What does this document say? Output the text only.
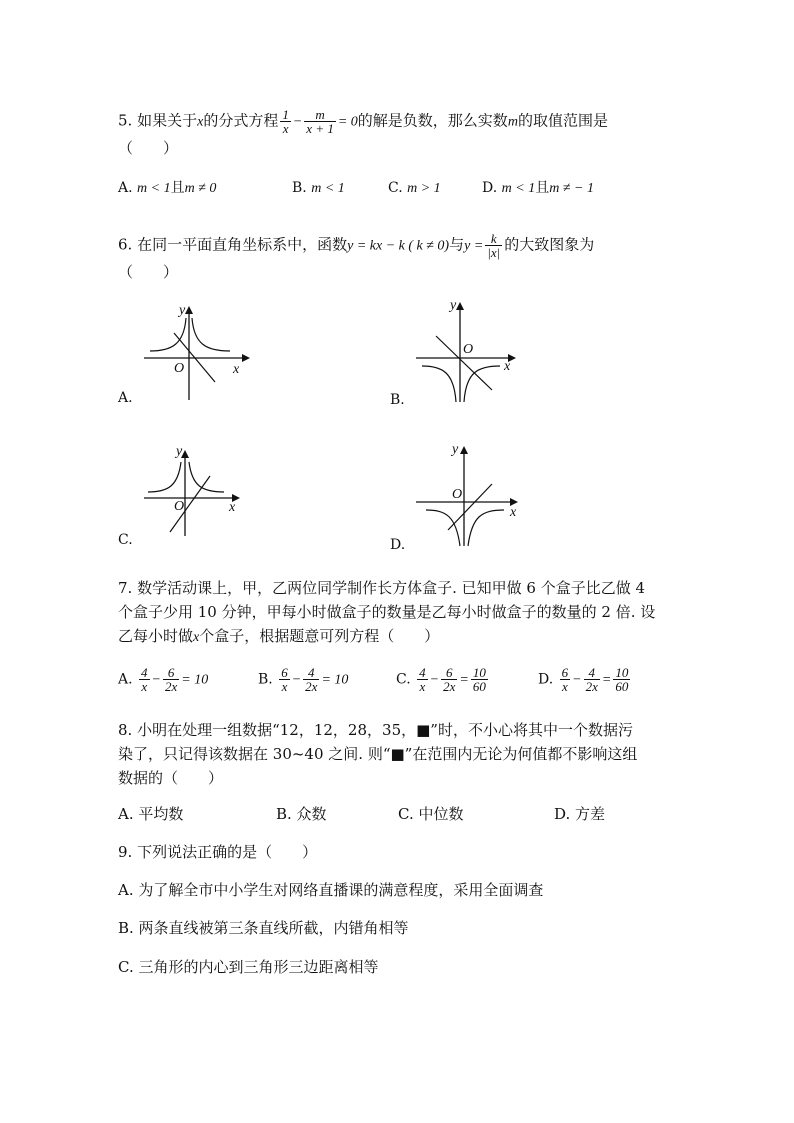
5. 如果关于x的分式方程 $\frac{1}{x} - \frac{m}{x + 1} = 0$的解是负数，那么实数m的取值范围是
（　　）
A. m < 1且m ≠ 0	B. m < 1	C. m > 1	D. m < 1且m ≠ − 1
6. 在同一平面直角坐标系中，函数y = kx − k ( k ≠ 0)与$y = \frac{k}{|x|}$ 的大致图象为
（　　）
A.
y
O	x
B.
y
O
x
C.
y
O	x
D.
y
O
x
7. 数学活动课上，甲，乙两位同学制作长方体盒子. 已知甲做 6 个盒子比乙做 4
个盒子少用 10 分钟，甲每小时做盒子的数量是乙每小时做盒子的数量的 2 倍. 设
乙每小时做x个盒子，根据题意可列方程（　　）
A. $\frac{4}{x} - \frac{6}{2x} = 10$	B. $\frac{6}{x} - \frac{4}{2x} = 10$	C. $\frac{4}{x} - \frac{6}{2x} = \frac{10}{60}$	D. $\frac{6}{x} - \frac{4}{2x} = \frac{10}{60}$
8. 小明在处理一组数据“12，12，28，35，■”时，不小心将其中一个数据污
染了，只记得该数据在 30~40 之间. 则“■”在范围内无论为何值都不影响这组
数据的（　　）
A. 平均数	B. 众数	C. 中位数	D. 方差
9. 下列说法正确的是（　　）
A. 为了解全市中小学生对网络直播课的满意程度，采用全面调查
B. 两条直线被第三条直线所截，内错角相等
C. 三角形的内心到三角形三边距离相等
